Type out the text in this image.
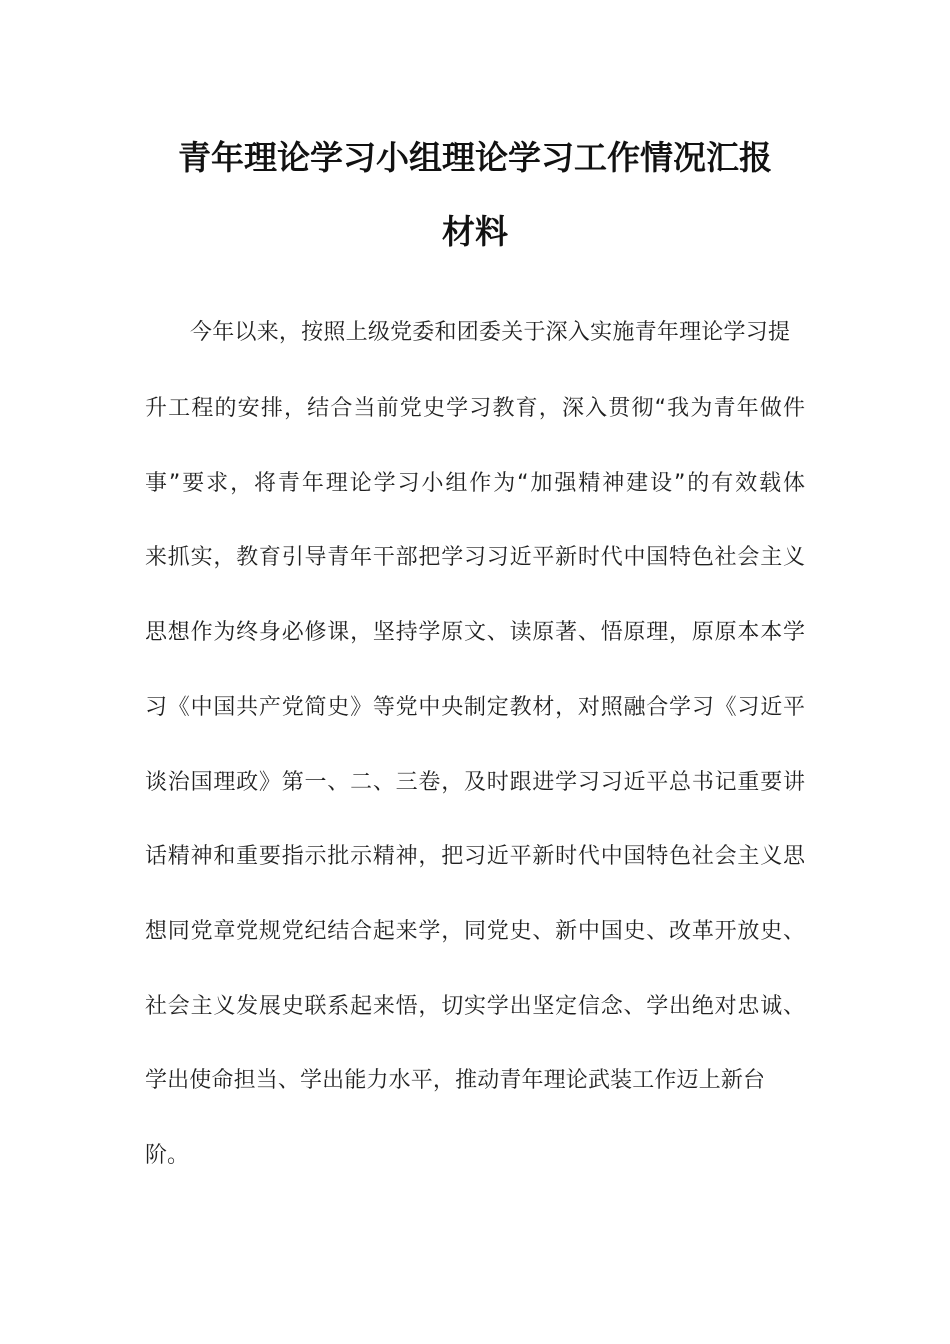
青年理论学习小组理论学习工作情况汇报
材料
今年以来，按照上级党委和团委关于深入实施青年理论学习提
升工程的安排，结合当前党史学习教育，深入贯彻“我为青年做件
事”要求，将青年理论学习小组作为“加强精神建设”的有效载体
来抓实，教育引导青年干部把学习习近平新时代中国特色社会主义
思想作为终身必修课，坚持学原文、读原著、悟原理，原原本本学
习《中国共产党简史》等党中央制定教材，对照融合学习《习近平
谈治国理政》第一、二、三卷，及时跟进学习习近平总书记重要讲
话精神和重要指示批示精神，把习近平新时代中国特色社会主义思
想同党章党规党纪结合起来学，同党史、新中国史、改革开放史、
社会主义发展史联系起来悟，切实学出坚定信念、学出绝对忠诚、
学出使命担当、学出能力水平，推动青年理论武装工作迈上新台
阶。
